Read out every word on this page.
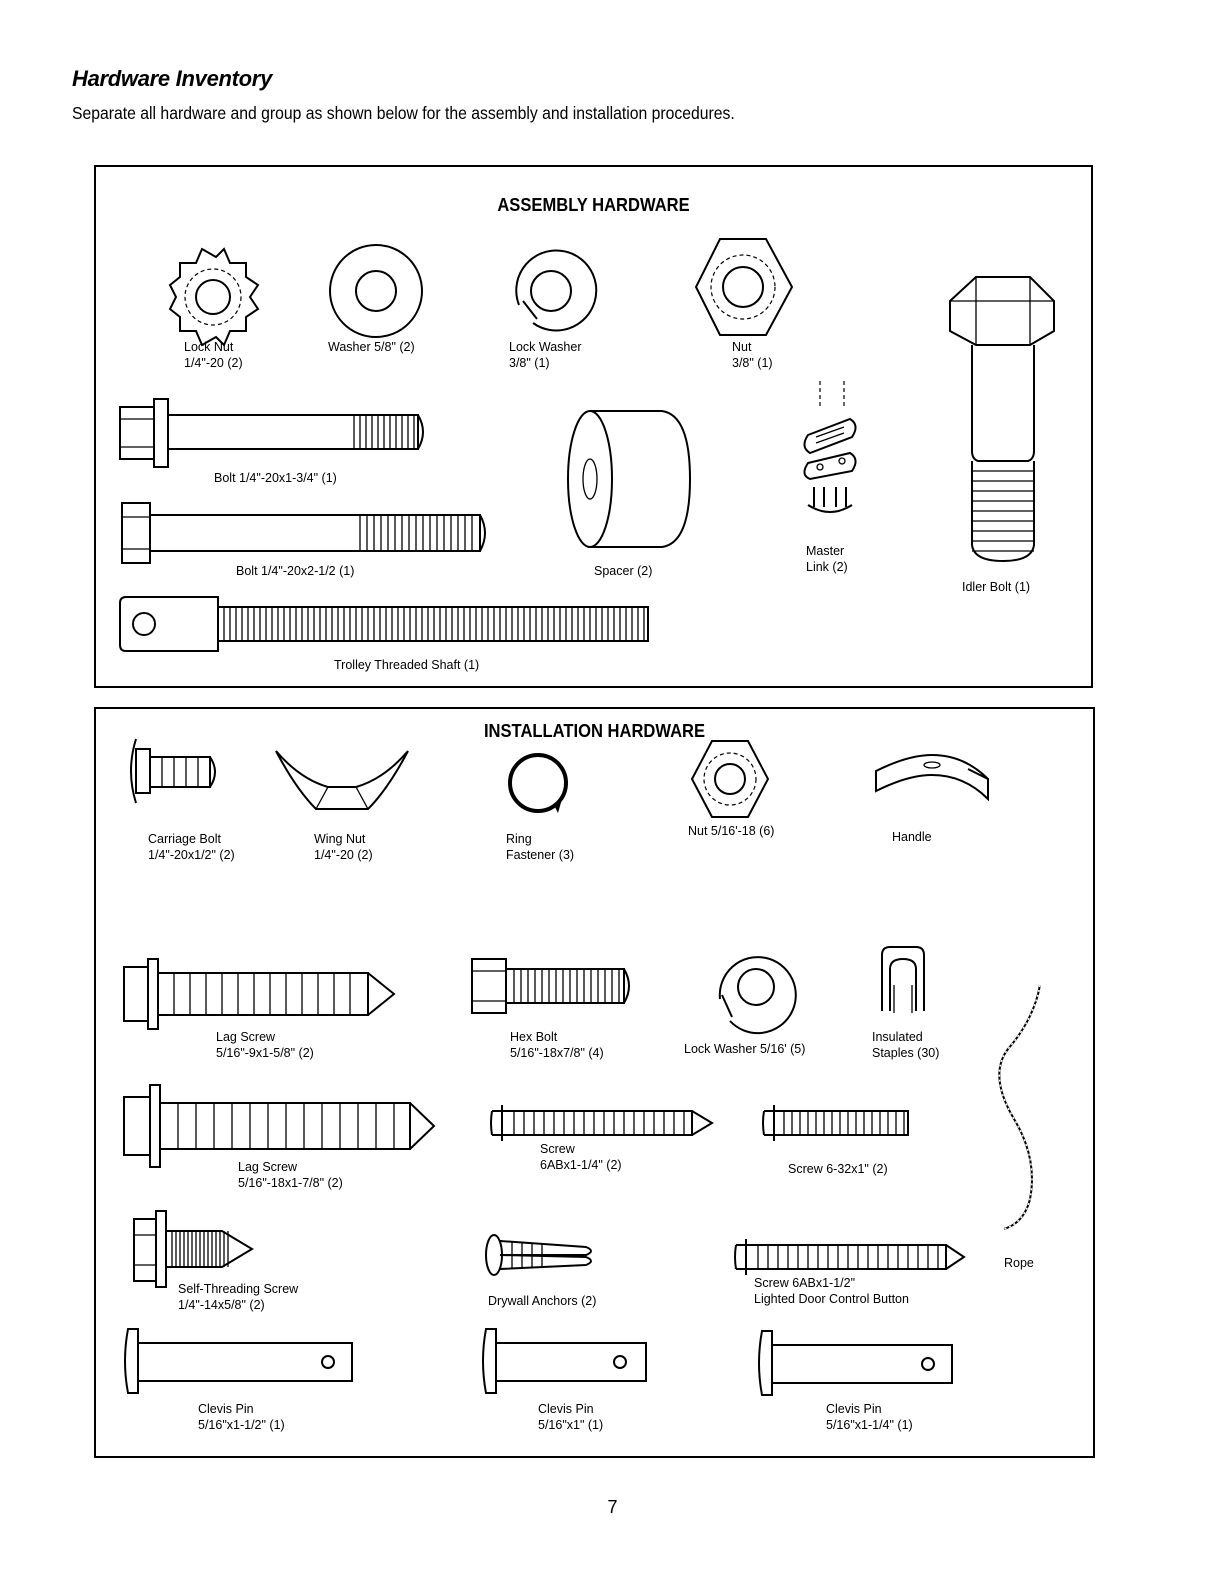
Hardware Inventory

Separate all hardware and group as shown below for the assembly and installation procedures.

ASSEMBLY HARDWARE
Lock Nut
1/4"-20 (2)
Washer 5/8" (2)	Lock Washer
3/8" (1)
Nut
3/8" (1)
Idler Bolt (1)
Bolt 1/4"-20x1-3/4" (1)
Bolt 1/4"-20x2-1/2 (1)	Spacer (2)
Master
Link (2)
Trolley Threaded Shaft (1)
INSTALLATION HARDWARE
Carriage Bolt
1/4"-20x1/2" (2)
Wing Nut
1/4"-20 (2)
Ring
Fastener (3)
Nut 5/16'-18 (6)	Handle
Lag Screw
5/16"-9x1-5/8" (2)
Hex Bolt
5/16"-18x7/8" (4)	Lock Washer 5/16' (5)
Insulated
Staples (30)
Lag Screw
5/16"-18x1-7/8" (2)
Screw
6ABx1-1/4" (2)	Screw 6-32x1" (2)
Rope
Self-Threading Screw
1/4"-14x5/8" (2)	Drywall Anchors (2)
Screw 6ABx1-1/2"
Lighted Door Control Button
Clevis Pin
5/16"x1-1/2" (1)
Clevis Pin
5/16"x1" (1)
Clevis Pin
5/16"x1-1/4" (1)
7
